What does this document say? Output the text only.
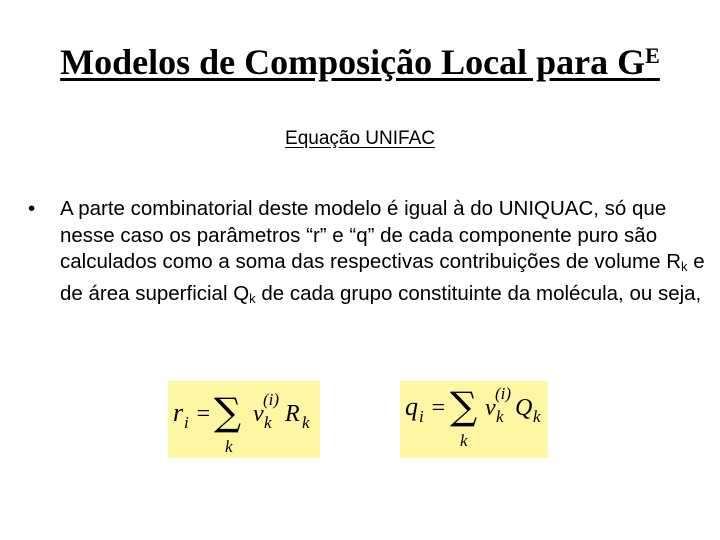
Modelos de Composição Local para $G^E$
Equação UNIFAC
• A parte combinatorial deste modelo é igual à do UNIQUAC, só que nesse caso os parâmetros “r” e “q” de cada componente puro são calculados como a soma das respectivas contribuições de volume $R_k$ e de área superficial $Q_k$ de cada grupo constituinte da molécula, ou seja,
r i = ∑
k
ν
(i)
k R k
q i = ∑
k
ν
(i)
k Q k
